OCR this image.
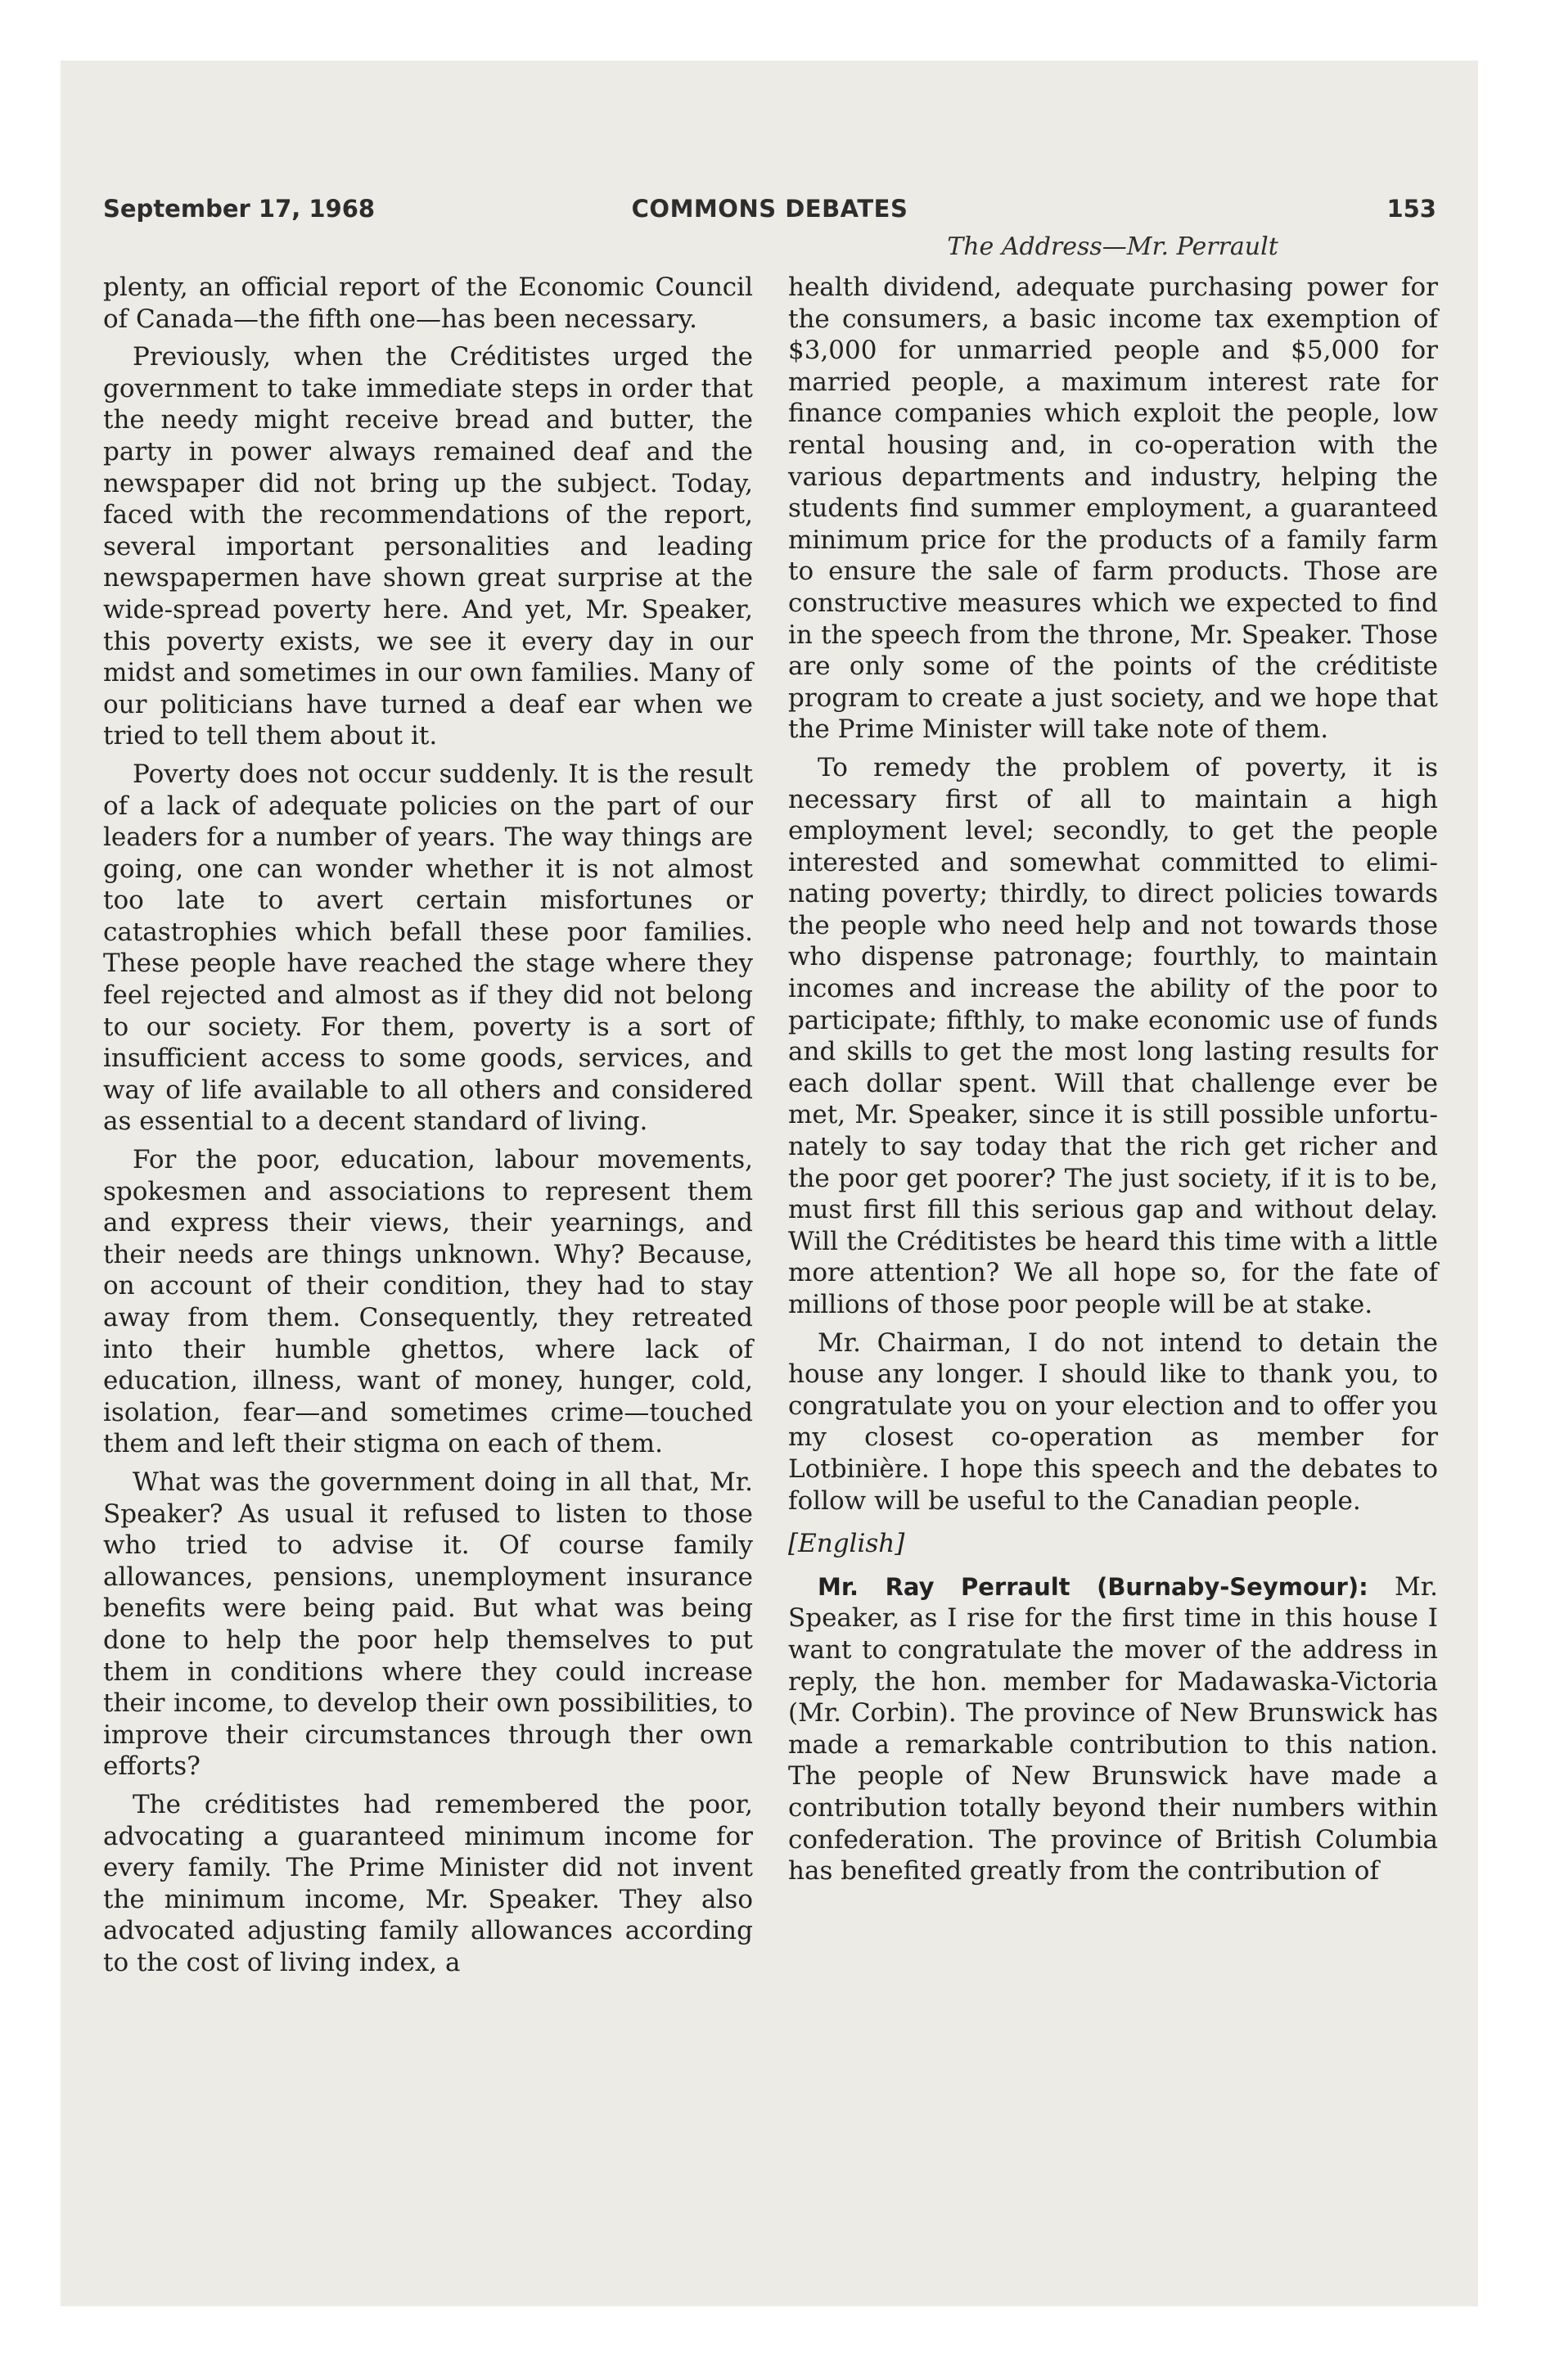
September 17, 1968	COMMONS DEBATES	153
The Address—Mr. Perrault

plenty, an official report of the Economic Council of Canada—the fifth one—has been necessary.

Previously, when the Créditistes urged the government to take immediate steps in order that the needy might receive bread and butter, the party in power always remained deaf and the newspaper did not bring up the subject. Today, faced with the recommendations of the report, several important personalities and leading newspapermen have shown great surprise at the wide-spread poverty here. And yet, Mr. Speaker, this poverty exists, we see it every day in our midst and sometimes in our own families. Many of our politicians have turned a deaf ear when we tried to tell them about it.

Poverty does not occur suddenly. It is the result of a lack of adequate policies on the part of our leaders for a number of years. The way things are going, one can wonder whether it is not almost too late to avert certain misfortunes or catastrophies which befall these poor families. These people have reached the stage where they feel rejected and almost as if they did not belong to our society. For them, poverty is a sort of insufficient access to some goods, services, and way of life available to all others and considered as essential to a decent standard of living.

For the poor, education, labour movements, spokesmen and associations to represent them and express their views, their yearnings, and their needs are things unknown. Why? Because, on account of their condition, they had to stay away from them. Consequently, they retreated into their humble ghettos, where lack of education, illness, want of money, hunger, cold, isolation, fear—and sometimes crime—touched them and left their stigma on each of them.

What was the government doing in all that, Mr. Speaker? As usual it refused to listen to those who tried to advise it. Of course family allowances, pensions, unemployment insurance benefits were being paid. But what was being done to help the poor help themselves to put them in conditions where they could increase their income, to develop their own possibilities, to improve their circumstances through ther own efforts?

The créditistes had remembered the poor, advocating a guaranteed minimum income for every family. The Prime Minister did not invent the minimum income, Mr. Speaker. They also advocated adjusting family allowances according to the cost of living index, a

health dividend, adequate purchasing power for the consumers, a basic income tax exemption of $3,000 for unmarried people and $5,000 for married people, a maximum interest rate for finance companies which exploit the people, low rental housing and, in co-operation with the various departments and industry, helping the students find summer employment, a guaranteed minimum price for the products of a family farm to ensure the sale of farm products. Those are constructive measures which we expected to find in the speech from the throne, Mr. Speaker. Those are only some of the points of the créditiste program to create a just society, and we hope that the Prime Minister will take note of them.

To remedy the problem of poverty, it is necessary first of all to maintain a high employment level; secondly, to get the people interested and somewhat committed to eliminating poverty; thirdly, to direct policies towards the people who need help and not towards those who dispense patronage; fourthly, to maintain incomes and increase the ability of the poor to participate; fifthly, to make economic use of funds and skills to get the most long lasting results for each dollar spent. Will that challenge ever be met, Mr. Speaker, since it is still possible unfortunately to say today that the rich get richer and the poor get poorer? The just society, if it is to be, must first fill this serious gap and without delay. Will the Créditistes be heard this time with a little more attention? We all hope so, for the fate of millions of those poor people will be at stake.

Mr. Chairman, I do not intend to detain the house any longer. I should like to thank you, to congratulate you on your election and to offer you my closest co-operation as member for Lotbinière. I hope this speech and the debates to follow will be useful to the Canadian people.

[English]

Mr. Ray Perrault (Burnaby-Seymour): Mr. Speaker, as I rise for the first time in this house I want to congratulate the mover of the address in reply, the hon. member for Madawaska-Victoria (Mr. Corbin). The province of New Brunswick has made a remarkable contribution to this nation. The people of New Brunswick have made a contribution totally beyond their numbers within confederation. The province of British Columbia has benefited greatly from the contribution of
